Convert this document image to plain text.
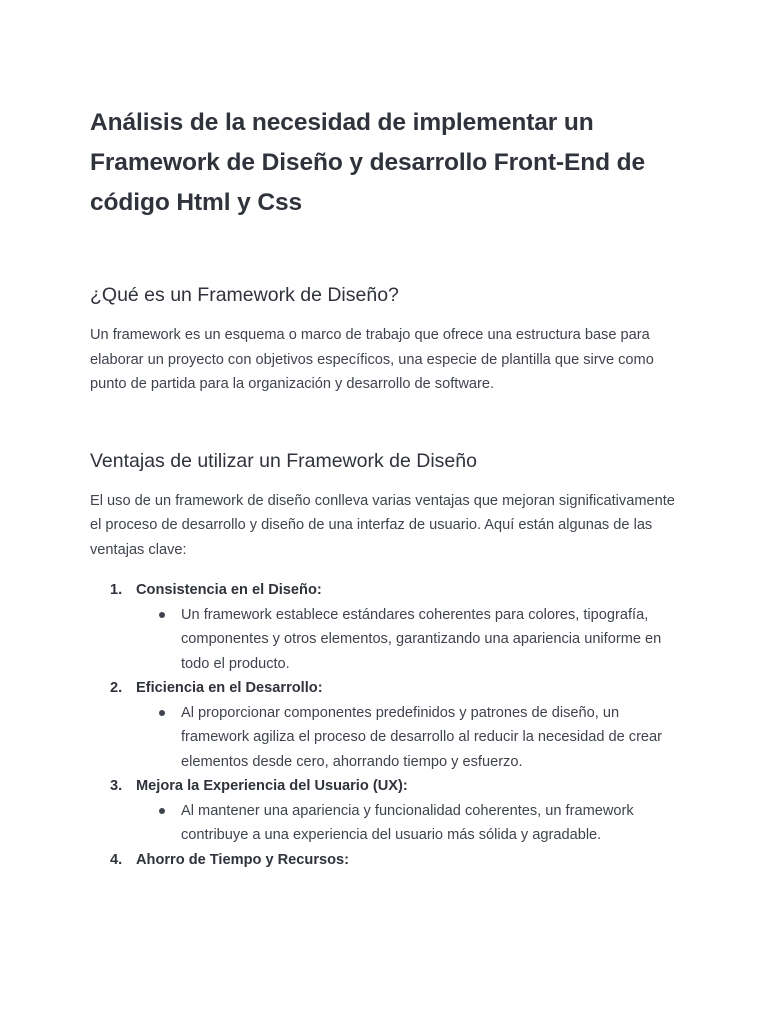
Análisis de la necesidad de implementar un Framework de Diseño y desarrollo Front-End de código Html y Css
¿Qué es un Framework de Diseño?

Un framework es un esquema o marco de trabajo que ofrece una estructura base para elaborar un proyecto con objetivos específicos, una especie de plantilla que sirve como punto de partida para la organización y desarrollo de software.

Ventajas de utilizar un Framework de Diseño

El uso de un framework de diseño conlleva varias ventajas que mejoran significativamente el proceso de desarrollo y diseño de una interfaz de usuario. Aquí están algunas de las ventajas clave:

1. Consistencia en el Diseño:
Un framework establece estándares coherentes para colores, tipografía, componentes y otros elementos, garantizando una apariencia uniforme en todo el producto.
2. Eficiencia en el Desarrollo:
Al proporcionar componentes predefinidos y patrones de diseño, un framework agiliza el proceso de desarrollo al reducir la necesidad de crear elementos desde cero, ahorrando tiempo y esfuerzo.
3. Mejora la Experiencia del Usuario (UX):
Al mantener una apariencia y funcionalidad coherentes, un framework contribuye a una experiencia del usuario más sólida y agradable.
4. Ahorro de Tiempo y Recursos:
